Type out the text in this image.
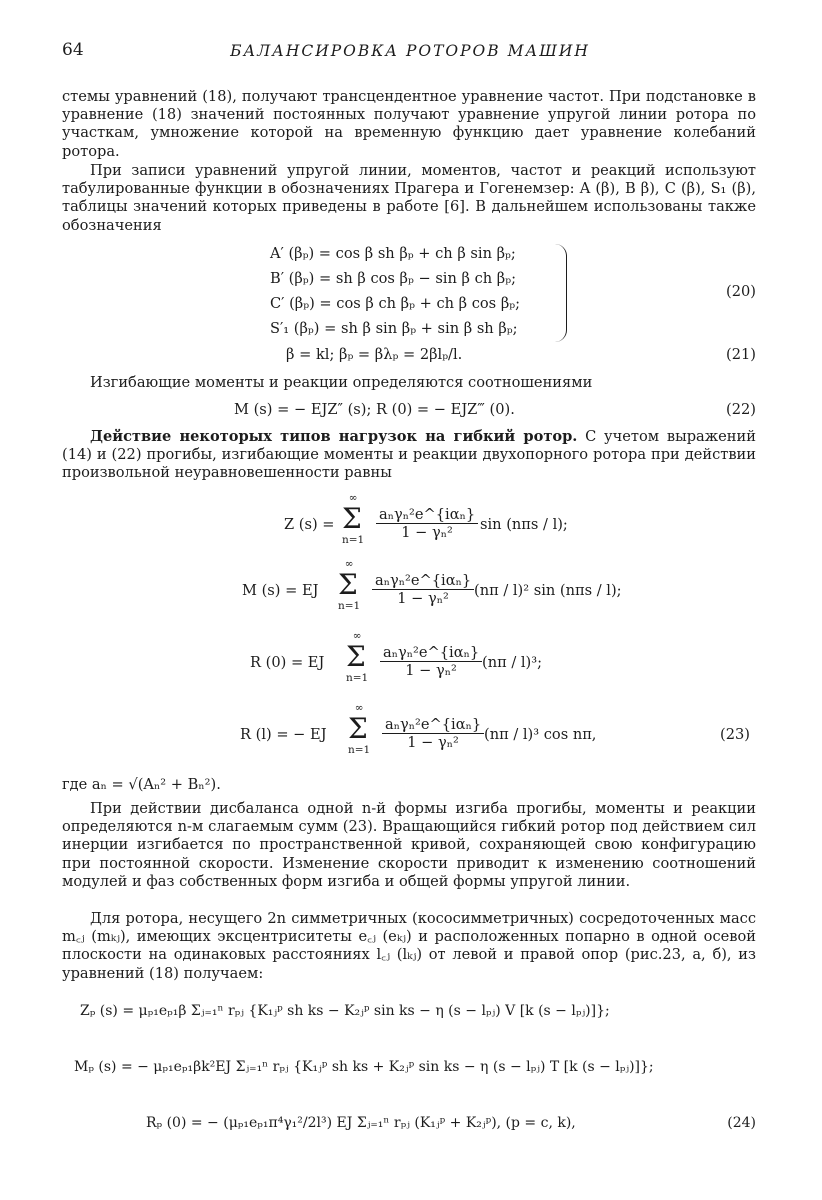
64	БАЛАНСИРОВКА РОТОРОВ МАШИН

стемы уравнений (18), получают трансцендентное уравнение частот. При подстановке в уравнение (18) значений постоянных получают уравнение упругой линии ротора по участкам, умножение которой на временную функцию дает уравнение колебаний ротора.

При записи уравнений упругой линии, моментов, частот и реакций используют табулированные функции в обозначениях Прагера и Гогенемзер: A (β), B β), C (β), S₁ (β), таблицы значений которых приведены в работе [6]. В дальнейшем использованы также обозначения

A′ (βₚ) = cos β sh βₚ + ch β sin βₚ;
B′ (βₚ) = sh β cos βₚ − sin β ch βₚ;
C′ (βₚ) = cos β ch βₚ + ch β cos βₚ;
S′₁ (βₚ) = sh β sin βₚ + sin β sh βₚ;
(20)
β = kl; βₚ = βλₚ = 2βlₚ/l.	(21)

Изгибающие моменты и реакции определяются соотношениями

M (s) = − EJZ″ (s); R (0) = − EJZ‴ (0).	(22)

Действие некоторых типов нагрузок на гибкий ротор. С учетом выражений (14) и (22) прогибы, изгибающие моменты и реакции двухопорного ротора при действии произвольной неуравновешенности равны

Z (s) =
∞
Σ
n=1
aₙγₙ²e^{iαₙ}
1 − γₙ²	sin (nπs / l);
M (s) = EJ
∞
Σ
n=1
aₙγₙ²e^{iαₙ}
1 − γₙ²	(nπ / l)² sin (nπs / l);
R (0) = EJ
∞
Σ
n=1
aₙγₙ²e^{iαₙ}
1 − γₙ²	(nπ / l)³;
R (l) = − EJ
∞
Σ
n=1
aₙγₙ²e^{iαₙ}
1 − γₙ²	(nπ / l)³ cos nπ,	(23)

где aₙ = √(Aₙ² + Bₙ²).

При действии дисбаланса одной n-й формы изгиба прогибы, моменты и реакции определяются n-м слагаемым сумм (23). Вращающийся гибкий ротор под действием сил инерции изгибается по пространственной кривой, сохраняющей свою конфигурацию при постоянной скорости. Изменение скорости приводит к изменению соотношений модулей и фаз собственных форм изгиба и общей формы упругой линии.

Для ротора, несущего 2n симметричных (кососимметричных) сосредоточенных масс m꜀ⱼ (mₖⱼ), имеющих эксцентриситеты e꜀ⱼ (eₖⱼ) и расположенных попарно в одной осевой плоскости на одинаковых расстояниях l꜀ⱼ (lₖⱼ) от левой и правой опор (рис.23, а, б), из уравнений (18) получаем:

Zₚ (s) = μₚ₁eₚ₁β Σⱼ₌₁ⁿ rₚⱼ {K₁ⱼᵖ sh ks − K₂ⱼᵖ sin ks − η (s − lₚⱼ) V [k (s − lₚⱼ)]};
Mₚ (s) = − μₚ₁eₚ₁βk²EJ Σⱼ₌₁ⁿ rₚⱼ {K₁ⱼᵖ sh ks + K₂ⱼᵖ sin ks − η (s − lₚⱼ) T [k (s − lₚⱼ)]};
Rₚ (0) = − (μₚ₁eₚ₁π⁴γ₁²/2l³) EJ Σⱼ₌₁ⁿ rₚⱼ (K₁ⱼᵖ + K₂ⱼᵖ), (p = c, k),	(24)
